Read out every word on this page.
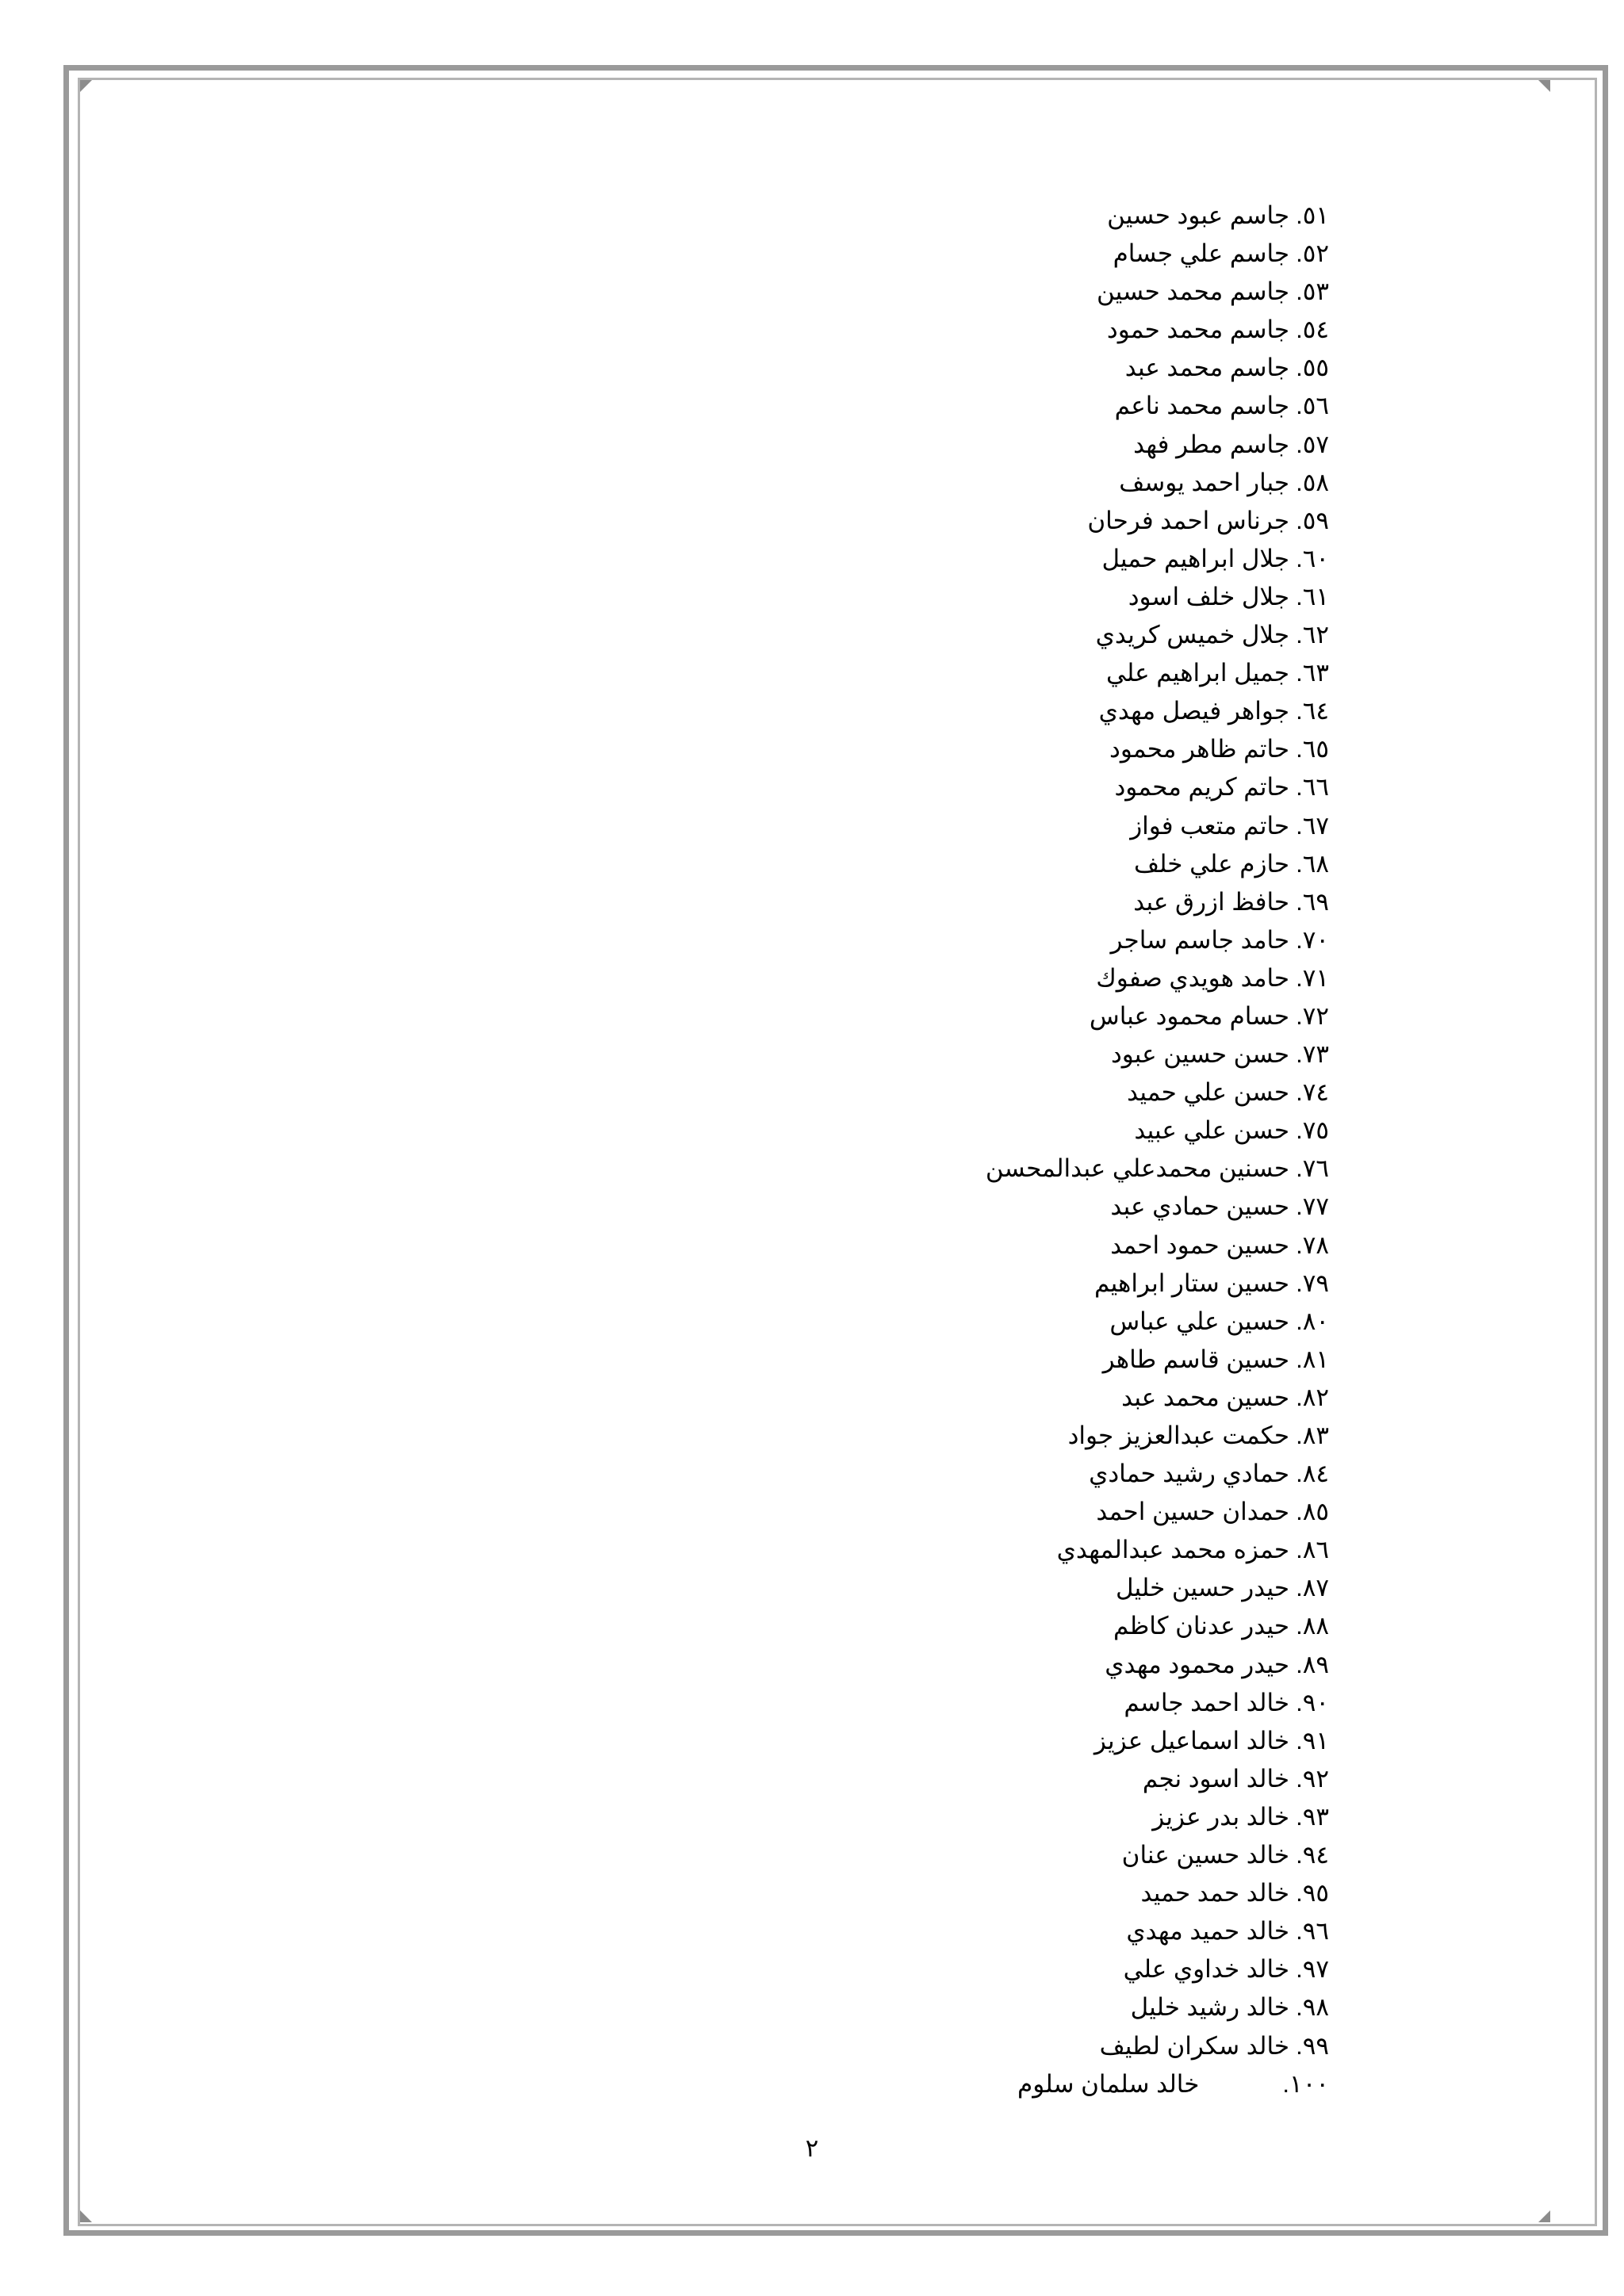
٥١.جاسم عبود حسين
٥٢.جاسم علي جسام
٥٣.جاسم محمد حسين
٥٤.جاسم محمد حمود
٥٥.جاسم محمد عبد
٥٦.جاسم محمد ناعم
٥٧.جاسم مطر فهد
٥٨.جبار احمد يوسف
٥٩.جرناس احمد فرحان
٦٠.جلال ابراهيم حميل
٦١.جلال خلف اسود
٦٢.جلال خميس كريدي
٦٣.جميل ابراهيم علي
٦٤.جواهر فيصل مهدي
٦٥.حاتم ظاهر محمود
٦٦.حاتم كريم محمود
٦٧.حاتم متعب فواز
٦٨.حازم علي خلف
٦٩.حافظ ازرق عبد
٧٠.حامد جاسم ساجر
٧١.حامد هويدي صفوك
٧٢.حسام محمود عباس
٧٣.حسن حسين عبود
٧٤.حسن علي حميد
٧٥.حسن علي عبيد
٧٦.حسنين محمدعلي عبدالمحسن
٧٧.حسين حمادي عبد
٧٨.حسين حمود احمد
٧٩.حسين ستار ابراهيم
٨٠.حسين علي عباس
٨١.حسين قاسم طاهر
٨٢.حسين محمد عبد
٨٣.حكمت عبدالعزيز جواد
٨٤.حمادي رشيد حمادي
٨٥.حمدان حسين احمد
٨٦.حمزه محمد عبدالمهدي
٨٧.حيدر حسين خليل
٨٨.حيدر عدنان كاظم
٨٩.حيدر محمود مهدي
٩٠.خالد احمد جاسم
٩١.خالد اسماعيل عزيز
٩٢.خالد اسود نجم
٩٣.خالد بدر عزيز
٩٤.خالد حسين عنان
٩٥.خالد حمد حميد
٩٦.خالد حميد مهدي
٩٧.خالد خداوي علي
٩٨.خالد رشيد خليل
٩٩.خالد سكران لطيف
١٠٠.خالد سلمان سلوم
٢
